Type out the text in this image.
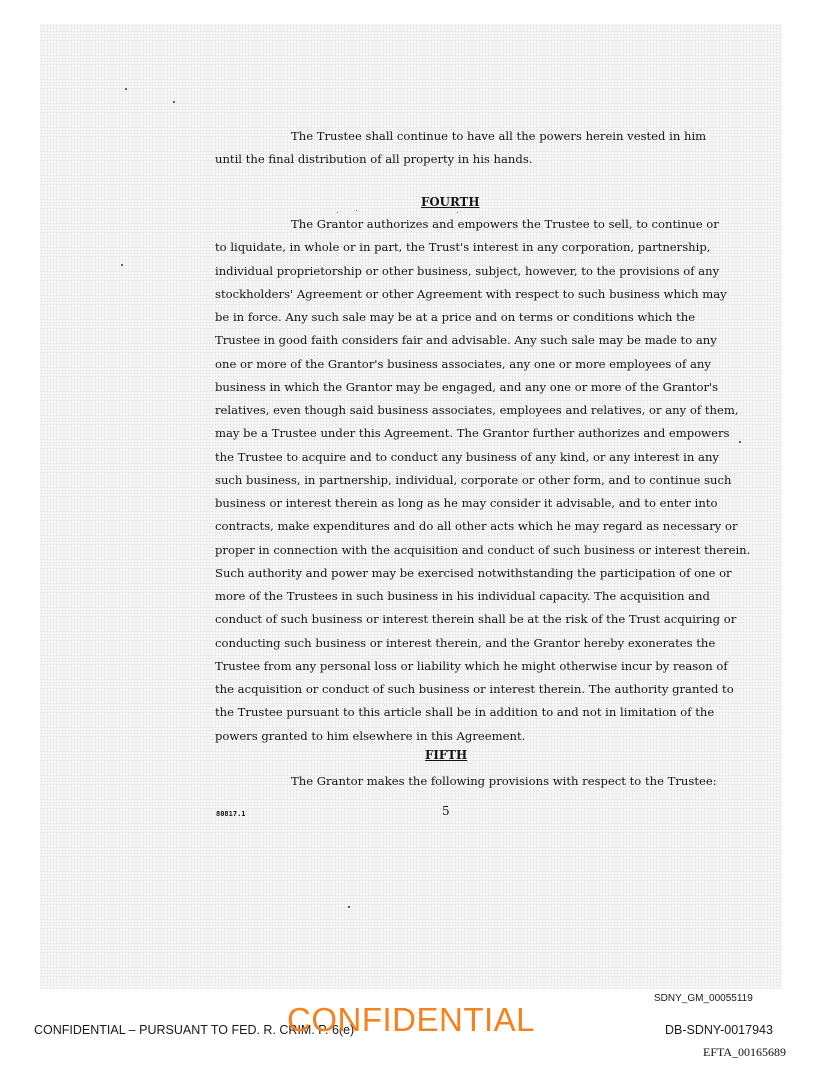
The Trustee shall continue to have all the powers herein vested in him
until the final distribution of all property in his hands.
FOURTH
The Grantor authorizes and empowers the Trustee to sell, to continue or
to liquidate, in whole or in part, the Trust's interest in any corporation, partnership,
individual proprietorship or other business, subject, however, to the provisions of any
stockholders' Agreement or other Agreement with respect to such business which may
be in force. Any such sale may be at a price and on terms or conditions which the
Trustee in good faith considers fair and advisable. Any such sale may be made to any
one or more of the Grantor's business associates, any one or more employees of any
business in which the Grantor may be engaged, and any one or more of the Grantor's
relatives, even though said business associates, employees and relatives, or any of them,
may be a Trustee under this Agreement. The Grantor further authorizes and empowers
the Trustee to acquire and to conduct any business of any kind, or any interest in any
such business, in partnership, individual, corporate or other form, and to continue such
business or interest therein as long as he may consider it advisable, and to enter into
contracts, make expenditures and do all other acts which he may regard as necessary or
proper in connection with the acquisition and conduct of such business or interest therein.
Such authority and power may be exercised notwithstanding the participation of one or
more of the Trustees in such business in his individual capacity. The acquisition and
conduct of such business or interest therein shall be at the risk of the Trust acquiring or
conducting such business or interest therein, and the Grantor hereby exonerates the
Trustee from any personal loss or liability which he might otherwise incur by reason of
the acquisition or conduct of such business or interest therein. The authority granted to
the Trustee pursuant to this article shall be in addition to and not in limitation of the
powers granted to him elsewhere in this Agreement.
FIFTH
The Grantor makes the following provisions with respect to the Trustee:
5
80817.1
SDNY_GM_00055119
CONFIDENTIAL – PURSUANT TO FED. R. CRIM. P. 6(e)
CONFIDENTIAL	DB-SDNY-0017943
EFTA_00165689
